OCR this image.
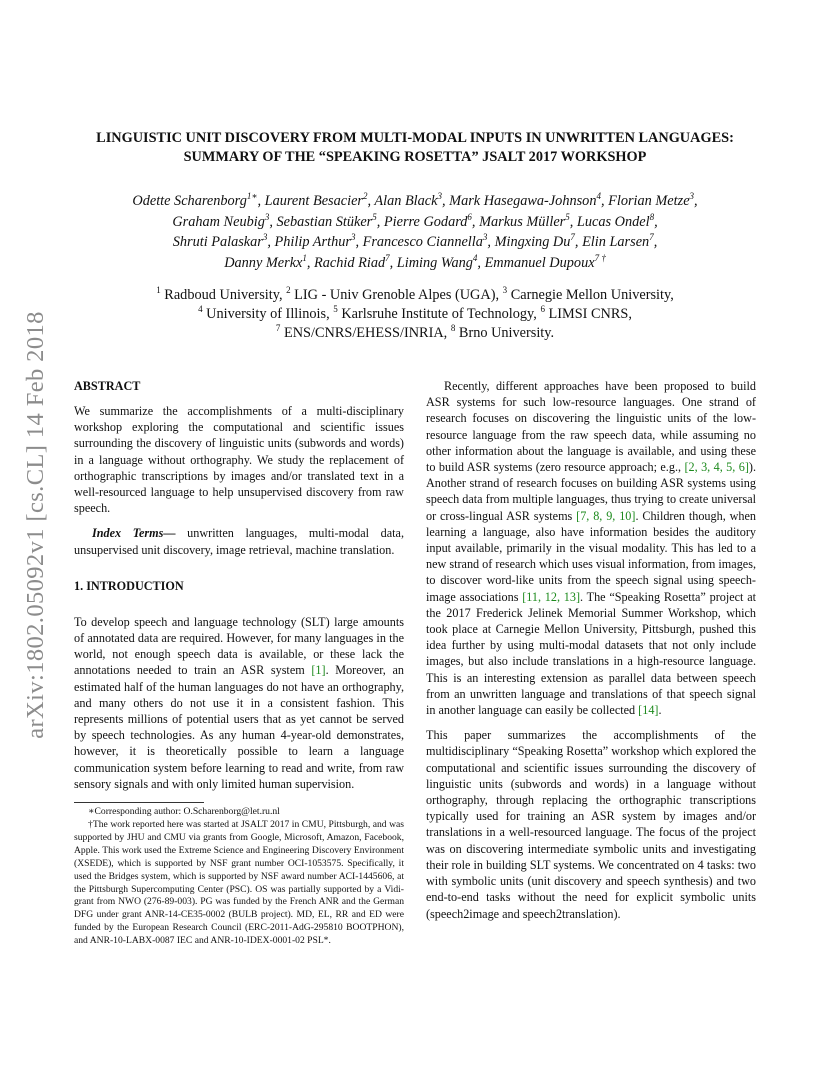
arXiv:1802.05092v1 [cs.CL] 14 Feb 2018
LINGUISTIC UNIT DISCOVERY FROM MULTI-MODAL INPUTS IN UNWRITTEN LANGUAGES: SUMMARY OF THE “SPEAKING ROSETTA” JSALT 2017 WORKSHOP
Odette Scharenborg$^{1∗}$, Laurent Besacier$^2$, Alan Black$^3$, Mark Hasegawa-Johnson$^4$, Florian Metze$^3$,
Graham Neubig$^3$, Sebastian Stüker$^5$, Pierre Godard$^6$, Markus Müller$^5$, Lucas Ondel$^8$,
Shruti Palaskar$^3$, Philip Arthur$^3$, Francesco Ciannella$^3$, Mingxing Du$^7$, Elin Larsen$^7$,
Danny Merkx$^1$, Rachid Riad$^7$, Liming Wang$^4$, Emmanuel Dupoux$^{7 \dagger}$
$^1$ Radboud University, $^2$ LIG - Univ Grenoble Alpes (UGA), $^3$ Carnegie Mellon University,
$^4$ University of Illinois, $^5$ Karlsruhe Institute of Technology, $^6$ LIMSI CNRS,
$^7$ ENS/CNRS/EHESS/INRIA, $^8$ Brno University.

ABSTRACT

We summarize the accomplishments of a multi-disciplinary workshop exploring the computational and scientific issues surrounding the discovery of linguistic units (subwords and words) in a language without orthography. We study the replacement of orthographic transcriptions by images and/or translated text in a well-resourced language to help unsupervised discovery from raw speech.

Index Terms— unwritten languages, multi-modal data, unsupervised unit discovery, image retrieval, machine translation.

1. INTRODUCTION

To develop speech and language technology (SLT) large amounts of annotated data are required. However, for many languages in the world, not enough speech data is available, or these lack the annotations needed to train an ASR system [1]. Moreover, an estimated half of the human languages do not have an orthography, and many others do not use it in a consistent fashion. This represents millions of potential users that as yet cannot be served by speech technologies. As any human 4-year-old demonstrates, however, it is theoretically possible to learn a language communication system before learning to read and write, from raw sensory signals and with only limited human supervision.

∗Corresponding author: O.Scharenborg@let.ru.nl

†The work reported here was started at JSALT 2017 in CMU, Pittsburgh, and was supported by JHU and CMU via grants from Google, Microsoft, Amazon, Facebook, Apple. This work used the Extreme Science and Engineering Discovery Environment (XSEDE), which is supported by NSF grant number OCI-1053575. Specifically, it used the Bridges system, which is supported by NSF award number ACI-1445606, at the Pittsburgh Supercomputing Center (PSC). OS was partially supported by a Vidi-grant from NWO (276-89-003). PG was funded by the French ANR and the German DFG under grant ANR-14-CE35-0002 (BULB project). MD, EL, RR and ED were funded by the European Research Council (ERC-2011-AdG-295810 BOOTPHON), and ANR-10-LABX-0087 IEC and ANR-10-IDEX-0001-02 PSL*.

Recently, different approaches have been proposed to build ASR systems for such low-resource languages. One strand of research focuses on discovering the linguistic units of the low-resource language from the raw speech data, while assuming no other information about the language is available, and using these to build ASR systems (zero resource approach; e.g., [2, 3, 4, 5, 6]). Another strand of research focuses on building ASR systems using speech data from multiple languages, thus trying to create universal or cross-lingual ASR systems [7, 8, 9, 10]. Children though, when learning a language, also have information besides the auditory input available, primarily in the visual modality. This has led to a new strand of research which uses visual information, from images, to discover word-like units from the speech signal using speech-image associations [11, 12, 13]. The “Speaking Rosetta” project at the 2017 Frederick Jelinek Memorial Summer Workshop, which took place at Carnegie Mellon University, Pittsburgh, pushed this idea further by using multi-modal datasets that not only include images, but also include translations in a high-resource language. This is an interesting extension as parallel data between speech from an unwritten language and translations of that speech signal in another language can easily be collected [14].

This paper summarizes the accomplishments of the multidisciplinary “Speaking Rosetta” workshop which explored the computational and scientific issues surrounding the discovery of linguistic units (subwords and words) in a language without orthography, through replacing the orthographic transcriptions typically used for training an ASR system by images and/or translations in a well-resourced language. The focus of the project was on discovering intermediate symbolic units and investigating their role in building SLT systems. We concentrated on 4 tasks: two with symbolic units (unit discovery and speech synthesis) and two end-to-end tasks without the need for explicit symbolic units (speech2image and speech2translation).
